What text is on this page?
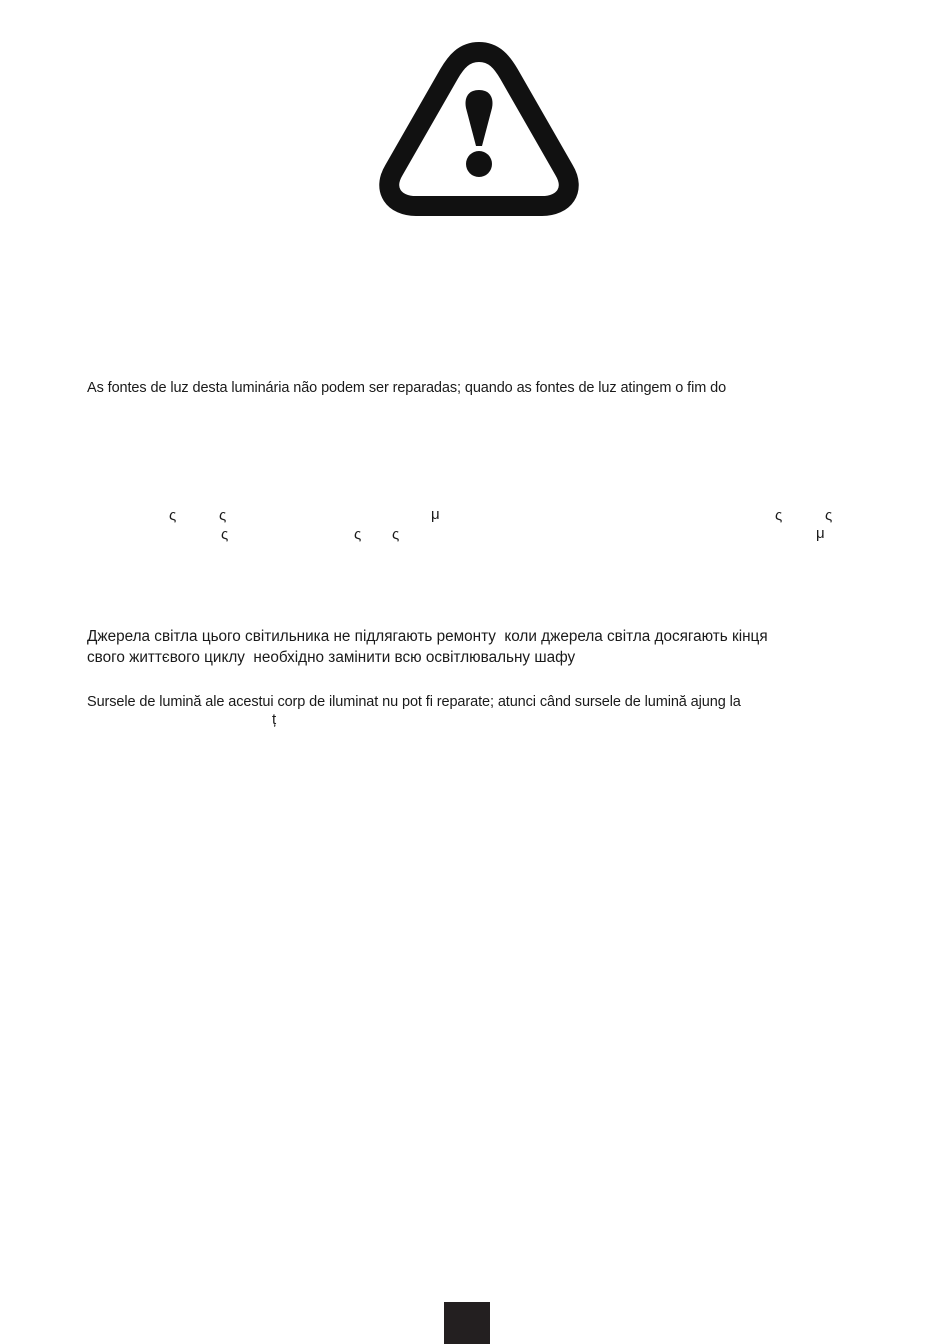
As fontes de luz desta luminária não podem ser reparadas; quando as fontes de luz atingem o fim do
ς	ς	μ	ς	ς
ς	ς ς	μ
Джерела світла цього світильника не підлягають ремонту  коли джерела світла досягають кінця
свого життєвого циклу  необхідно замінити всю освітлювальну шафу
Sursele de lumină ale acestui corp de iluminat nu pot fi reparate; atunci când sursele de lumină ajung la
ț
